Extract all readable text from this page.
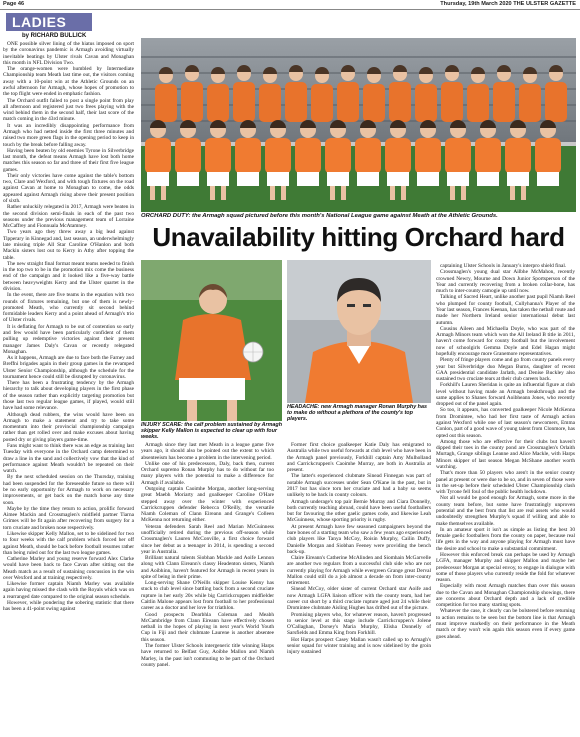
Page 46	Thursday, 19th March 2020 THE ULSTER GAZETTE
LADIES
by RICHARD BULLICK

ONE possible silver lining of the hiatus imposed on sport by the coronavirus pandemic is Armagh avoiding virtually inevitable beatings by Ulster rivals Cavan and Monaghan this month in NFL Division Two.

The orange-women were humbled by Intermediate Championship team Meath last time out, the visitors coming away with a 10-point win at the Athletic Grounds on an awful afternoon for Armagh, whose hopes of promotion to the top flight were ended in emphatic fashion.

The Orchard outfit failed to post a single point from play all afternoon and registered just two frees playing with the wind behind them in the second half, their last score of the match coming in the 43rd minute.

It was an incredibly disappointing performance from Armagh who had netted inside the first three minutes and raised two more green flags in the opening period to keep in touch by the break before falling away.

Having been beaten by old enemies Tyrone in Silverbridge last month, the defeat means Armagh have lost both home matches this season so far and three of their first five league games.

Their only victories have come against the table's bottom two, Clare and Wexford, and with tough fixtures on the road against Cavan at home to Monaghan to come, the odds appeared against Armagh rising above their present position of sixth.

Rather unluckily relegated in 2017, Armagh were beaten in the second division semi-finals in each of the past two seasons under the previous management team of Lorraine McCaffrey and Fionnuala McAtamney.

Two years ago they threw away a big lead against Tipperary in Kinnegad and, last season, an underwhelmingly late missing triple All Star Caroline O'Hanlon and both Mackin sisters lost out to Kerry in Athy after topping the table.

The new straight final format meant teams needed to finish in the top two to be in the promotion mix come the business end of the campaign and it looked like a five-way battle between heavyweights Kerry and the Ulster quartet in the division.

In the event, there are five teams in the equation with two rounds of fixtures remaining, but one of them is newly-promoted Meath, who currently sit second behind formidable leaders Kerry and a point ahead of Armagh's trio of Ulster rivals.

It is deflating for Armagh to be out of contention so early and few would have been particularly confident of them pulling up redemptive victories against their present manager James Daly's Cavan or recently relegated Monaghan.

As it happens, Armagh are due to face both the Farney and Breffni brigades again in their group games in the revamped Ulster Senior Championship, although the schedule for the tournament hence could still be disrupted by coronavirus.

There has been a frustrating tendency by the Armagh hierarchy to talk about developing players in the first phase of the season rather than explicitly targeting promotion but those last two regular league games, if played, would still have had some relevance.

Although dead rubbers, the wins would have been on Armagh to make a statement and try to take some momentum into their provincial championship campaign rather than get rolled over and make excuses about having posted dry or giving players game-time.

Fans might want to think there was an edge as training last Tuesday with everyone in the Orchard camp determined to draw a line in the sand and collectively vow that the kind of performance against Meath wouldn't be repeated on their watch.

By the next scheduled session on the Thursday, training had been suspended for the foreseeable future so there will be no early opportunity for Armagh to work on necessary improvements, or get back on the match horse any time soon.

Maybe by the time they return to action, prolific forward Aimee Mackin and Crossmaglen's midfield partner Tiarna Grimes will be fit again after recovering from surgery for a torn cruciate and broken nose respectively.

Likewise skipper Kelly Mallon, set to be sidelined for two to four weeks with the calf problem which forced her off against Meath, should be back before football resumes rather than being ruled out for the last two league games.

Catherine Marley and young reserve forward Alex Clarke would have been back to face Cavan after sitting out the Meath match as a result of sustaining concussion in the win over Wexford and at training respectively.

Likewise former captain Niamh Marley was available again having missed the clash with the Royals which was on a rearranged date compared to the original season schedule.

However, while pondering the sobering statistic that there has been a 41-point swing against

ORCHARD DUTY: the Armagh squad pictured before this month's National League game against Meath at the Athletic Grounds.
Unavailability hitting Orchard hard
INJURY SCARE: the calf problem sustained by Armagh skipper Kelly Mallon is expected to clear up with four weeks.
HEADACHE: new Armagh manager Ronan Murphy has to make do without a plethora of the county's top players.

Armagh since they last met Meath in a league game five years ago, it should also be pointed out the extent to which absenteeism has become a problem in the intervening period.

Unlike one of his predecessors, Daly, back then, current Orchard supremo Ronan Murphy has to do without far too many players with the potential to make a difference for Armagh if available.

Outgoing captain Caoimhe Morgan, another long-serving great Maebh Moriarty and goalkeeper Caroline O'Hare stepped away over the winter with experienced Carrickcruppen defender Rebecca O'Reilly, the versatile Niamh Coleman of Clann Eireann and Grange's Colleen McKenna not returning either.

Veteran defenders Sarah Reel and Marian McGuinness unofficially retired during the previous off-season while Crossmaglen's Lauren McConville, a first choice forward since her debut as a teenager in 2014, is spending a second year in Australia.

Brilliant natural talents Siobhan Mackle and Aoife Lennon along with Clann Eireann's classy Headenton sisters, Niamh and Aoibhinn, haven't featured for Armagh in recent years in spite of being in their prime.

Long-serving Shane O'Neills skipper Louise Kenny has stuck to club level since battling back from a second cruciate rupture in her early 20s while big Carrickcruppen midfielder Caitlin Malone appears lost from football to her professional career as a doctor and her love for triathlon.

Good prospects Dearbhla Coleman and Meabh McCambridge from Clann Eireann have effectively chosen netball in the hopes of playing in next year's World Youth Cup in Fiji and their clubmate Laurene is another absentee this season.

The former Ulster Schools intergeneric title winning Harps have returned to Belfast Guy, Aoibhe Mallon and Niamh Marley, in the past isn't commuting to be part of the Orchard county panel.

Former first choice goalkeeper Katie Daly has emigrated to Australia while two useful forwards at club level who have been in the Armagh panel previously, Forkhill captain Amy Mulholland and Carrickcruppen's Caoimhe Murray, are both in Australia at present.

The latter's experienced clubmate Sinead Finnegan was part of notable Armagh successes under Sean O'Kane in the past, but in 2017 but has since torn her cruciate and had a baby so seems unlikely to be back in county colours.

Armagh underage's top pair Bernie Murray and Ciara Donnelly, both currently teaching abroad, could have been useful footballers but for favouring the other gaelic games code, and likewise Leah McGuinness, whose sporting priority is rugby.

At present Armagh have few seasoned campaigners beyond the bare bones of a starting team who saw a few years ago experienced club players like Tanya McCoy, Roisin Murphy, Cailin Duffy, Danielle Morgan and Siobhan Feeney were providing the bench back-up.

Claire Eireann's Catherine McAlinden and Siomhain McGarvelle are another two regulars from a successful club side who are not currently playing for Armagh while evergreen Grange great Derval Mallon could still do a job almost a decade on from inter-county retirement.

Sinead McCoy, older sister of current Orchard star Aoife and now Armagh LGFA liaison officer with the county team, had her career cut short by a third cruciate rupture aged just 24 while their Dromintee clubmate Aisling Hughes has drifted out of the picture.

Promising players who, for whatever reason, haven't progressed to senior level at this stage include Carrickcruppen's Jolene O'Callaghan, Dorsey's Maria Murphy, Elisha Donnelly of Sarsfields and Emma King from Forkhill.

Hot Harps prospect Casey Mallan wasn't called up to Armagh's senior squad for winter training and is now sidelined by the groin injury sustained

captaining Ulster Schools in January's interpro shield final.

Crossmaglen's young dual star Ailbhe McMahon, recently crowned Newry, Mourne and Down Junior Sportsperson of the Year and currently recovering from a broken collar-bone, has much to inter-county camogie up until now.

Talking of Sacred Heart, unlike another past pupil Niamh Reel who plumped for county football, Cullyhanna's Player of the Year last season, Frances Keenan, has taken the netball route and made her Northern Ireland senior international debut last autumn.

Cousins Aileen and Michaella Doyle, who was part of the Armagh Minors team which won the All Ireland B title in 2011, haven't come forward for county football but the involvement now of schoolgirls Gemma Doyle and Edel Hagan might hopefully encourage more Granemore representatives.

Plenty of fringe players come and go from county panels every year but Silverbridge duo Megan Burns, daughter of recent GAA presidential candidate Jarlath, and Denise Buckley also sustained two cruciate tears at their club careers back.

Forkhill's Lauren Sheridan is quite an influential figure at club level without having made an Armagh breakthrough and the same applies to Shanes forward Aoibheann Jones, who recently dropped out of the panel again.

So too, it appears, has converted goalkeeper Nicole McKenna from Dromintee, who had her first taste of Armagh action against Wexford while one of last season's newcomers, Emma Conlon, part of a good wave of young talent from Clonmore, has opted out this season.

Among those who are effective for their clubs but haven't dipped their toes in the county pond are Crossmaglen's Orlaith Murtagh, Grange siblings Leanne and Alice Mackle, with Harps Minors skipper of last season Megan McShane another worth watching.

That's more than 50 players who aren't in the senior county panel at present or were due to be so, and in seven of those were in the set-up before their scheduled Ulster Championship clash with Tyrone fell foul of the public health lockdown.

Not all would be good enough for Armagh, some more in the county team before, but some have frustratingly unproven potential and the best from that list are real assets who would undoubtedly strengthen Murphy's squad if willing and able to make themselves available.

In an amateur sport it isn't as simple as listing the best 30 female gaelic footballers from the county on paper, because real life gets in the way and anyone playing for Armagh must have the desire and school to make a substantial commitment.

However this enforced break can perhaps be used by Armagh LGFA, manager Murphy and skipper Mallon and maybe her predecessor Morgan at special envoy, to engage in dialogue with some of those players who currently reside the fold for whatever reason.

Especially with most Armagh matches than over this season due to the Cavan and Monaghan Championship showings, there are concerns about Orchard depth and a lack of credible competition for too many starting spots.

Whatever the case, it clearly can be bolstered before returning to action remains to be seen but the bottom line is that Armagh must improve markedly on their performance in the Meath match or they won't win again this season even if every game goes ahead.
